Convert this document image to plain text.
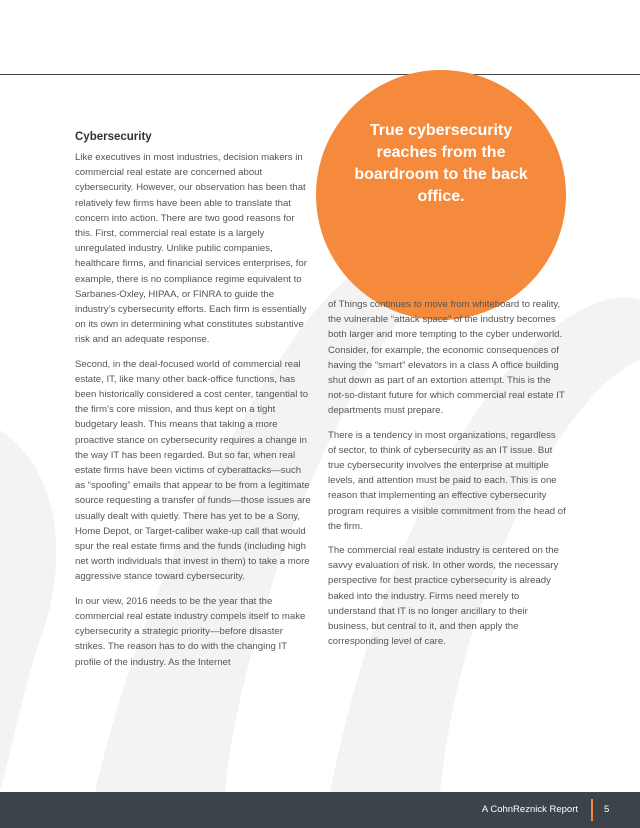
True cybersecurity reaches from the boardroom to the back office.
Cybersecurity

Like executives in most industries, decision makers in commercial real estate are concerned about cybersecurity. However, our observation has been that relatively few firms have been able to translate that concern into action. There are two good reasons for this. First, commercial real estate is a largely unregulated industry. Unlike public companies, healthcare firms, and financial services enterprises, for example, there is no compliance regime equivalent to Sarbanes-Oxley, HIPAA, or FINRA to guide the industry’s cybersecurity efforts. Each firm is essentially on its own in determining what constitutes substantive risk and an adequate response.

Second, in the deal-focused world of commercial real estate, IT, like many other back-office functions, has been historically considered a cost center, tangential to the firm’s core mission, and thus kept on a tight budgetary leash. This means that taking a more proactive stance on cybersecurity requires a change in the way IT has been regarded. But so far, when real estate firms have been victims of cyberattacks—such as “spoofing” emails that appear to be from a legitimate source requesting a transfer of funds—those issues are usually dealt with quietly. There has yet to be a Sony, Home Depot, or Target-caliber wake-up call that would spur the real estate firms and the funds (including high net worth individuals that invest in them) to take a more aggressive stance toward cybersecurity.

In our view, 2016 needs to be the year that the commercial real estate industry compels itself to make cybersecurity a strategic priority—before disaster strikes. The reason has to do with the changing IT profile of the industry. As the Internet

of Things continues to move from whiteboard to reality, the vulnerable “attack space” of the industry becomes both larger and more tempting to the cyber underworld. Consider, for example, the economic consequences of having the “smart” elevators in a class A office building shut down as part of an extortion attempt. This is the not-so-distant future for which commercial real estate IT departments must prepare.

There is a tendency in most organizations, regardless of sector, to think of cybersecurity as an IT issue. But true cybersecurity involves the enterprise at multiple levels, and attention must be paid to each. This is one reason that implementing an effective cybersecurity program requires a visible commitment from the head of the firm.

The commercial real estate industry is centered on the savvy evaluation of risk. In other words, the necessary perspective for best practice cybersecurity is already baked into the industry. Firms need merely to understand that IT is no longer ancillary to their business, but central to it, and then apply the corresponding level of care.

A CohnReznick Report	5
